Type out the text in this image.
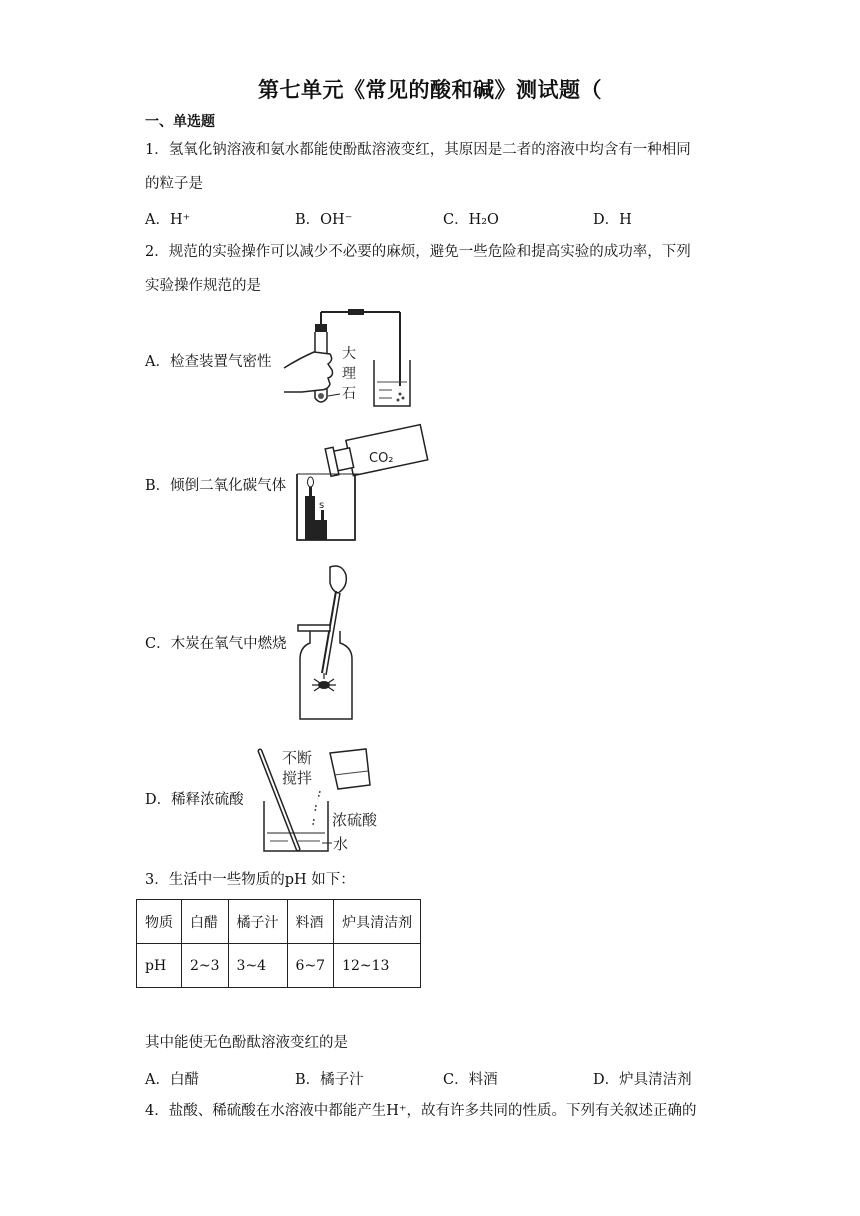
第七单元《常见的酸和碱》测试题（
一、单选题
1．氢氧化钠溶液和氨水都能使酚酞溶液变红，其原因是二者的溶液中均含有一种相同
的粒子是
A．H⁺	B．OH⁻	C．H₂O	D．H
2．规范的实验操作可以减少不必要的麻烦，避免一些危险和提高实验的成功率，下列
实验操作规范的是
A．检查装置气密性	大
理
石
B．倾倒二氧化碳气体
CO₂
s
C．木炭在氧气中燃烧
D．稀释浓硫酸
不断
搅拌
浓硫酸
水
3．生活中一些物质的pH 如下：
物质	白醋	橘子汁	料酒	炉具清洁剂
pH	2~3	3~4	6~7	12~13
其中能使无色酚酞溶液变红的是
A．白醋	B．橘子汁	C．料酒	D．炉具清洁剂
4．盐酸、稀硫酸在水溶液中都能产生H⁺，故有许多共同的性质。下列有关叙述正确的
